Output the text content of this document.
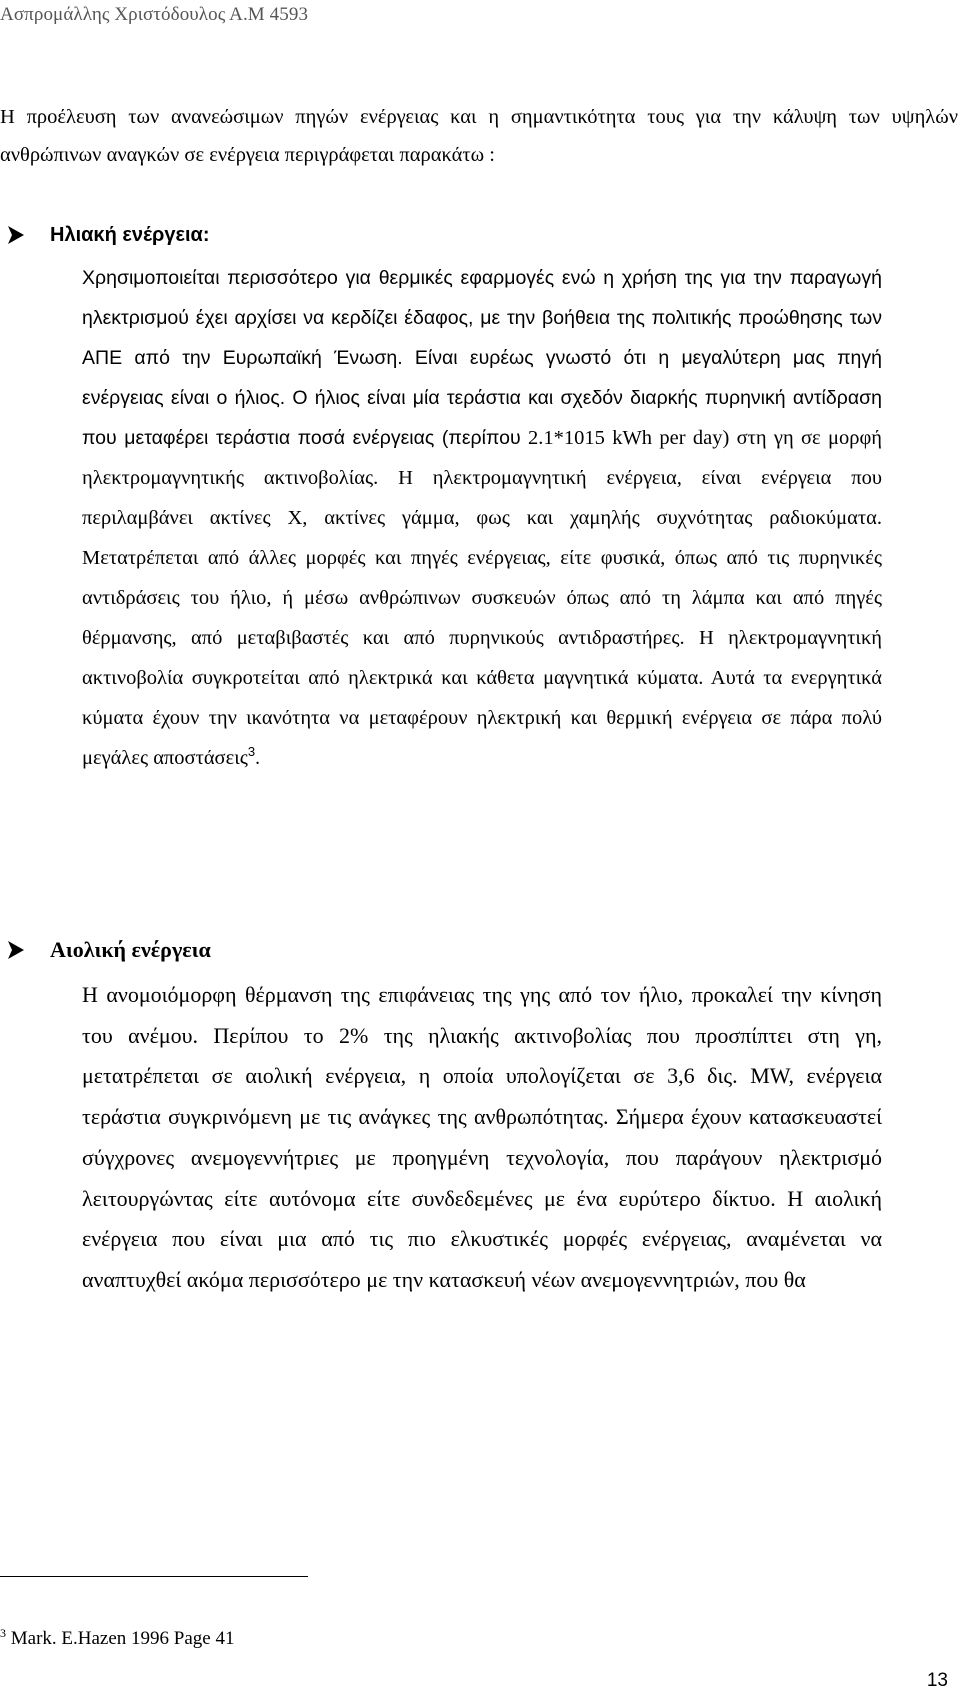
Ασπρομάλλης Χριστόδουλος Α.Μ 4593

Η προέλευση των ανανεώσιμων πηγών ενέργειας και η σημαντικότητα τους για την κάλυψη των υψηλών ανθρώπινων αναγκών σε ενέργεια περιγράφεται παρακάτω :

Ηλιακή ενέργεια:

Χρησιμοποιείται περισσότερο για θερμικές εφαρμογές ενώ η χρήση της για την παραγωγή ηλεκτρισμού έχει αρχίσει να κερδίζει έδαφος, με την βοήθεια της πολιτικής προώθησης των ΑΠΕ από την Ευρωπαϊκή Ένωση. Είναι ευρέως γνωστό ότι η μεγαλύτερη μας πηγή ενέργειας είναι ο ήλιος. Ο ήλιος είναι μία τεράστια και σχεδόν διαρκής πυρηνική αντίδραση που μεταφέρει τεράστια ποσά ενέργειας (περίπου 2.1*1015 kWh per day) στη γη σε μορφή ηλεκτρομαγνητικής ακτινοβολίας. Η ηλεκτρομαγνητική ενέργεια, είναι ενέργεια που περιλαμβάνει ακτίνες Χ, ακτίνες γάμμα, φως και χαμηλής συχνότητας ραδιοκύματα. Μετατρέπεται από άλλες μορφές και πηγές ενέργειας, είτε φυσικά, όπως από τις πυρηνικές αντιδράσεις του ήλιο, ή μέσω ανθρώπινων συσκευών όπως από τη λάμπα και από πηγές θέρμανσης, από μεταβιβαστές και από πυρηνικούς αντιδραστήρες. Η ηλεκτρομαγνητική ακτινοβολία συγκροτείται από ηλεκτρικά και κάθετα μαγνητικά κύματα. Αυτά τα ενεργητικά κύματα έχουν την ικανότητα να μεταφέρουν ηλεκτρική και θερμική ενέργεια σε πάρα πολύ μεγάλες αποστάσεις$^3$.

Αιολική ενέργεια

Η ανομοιόμορφη θέρμανση της επιφάνειας της γης από τον ήλιο, προκαλεί την κίνηση του ανέμου. Περίπου το 2% της ηλιακής ακτινοβολίας που προσπίπτει στη γη, μετατρέπεται σε αιολική ενέργεια, η οποία υπολογίζεται σε 3,6 δις. MW, ενέργεια τεράστια συγκρινόμενη με τις ανάγκες της ανθρωπότητας. Σήμερα έχουν κατασκευαστεί σύγχρονες ανεμογεννήτριες με προηγμένη τεχνολογία, που παράγουν ηλεκτρισμό λειτουργώντας είτε αυτόνομα είτε συνδεδεμένες με ένα ευρύτερο δίκτυο. Η αιολική ενέργεια που είναι μια από τις πιο ελκυστικές μορφές ενέργειας, αναμένεται να αναπτυχθεί ακόμα περισσότερο με την κατασκευή νέων ανεμογεννητριών, που θα

$^3$ Mark. E.Hazen 1996 Page 41
13
